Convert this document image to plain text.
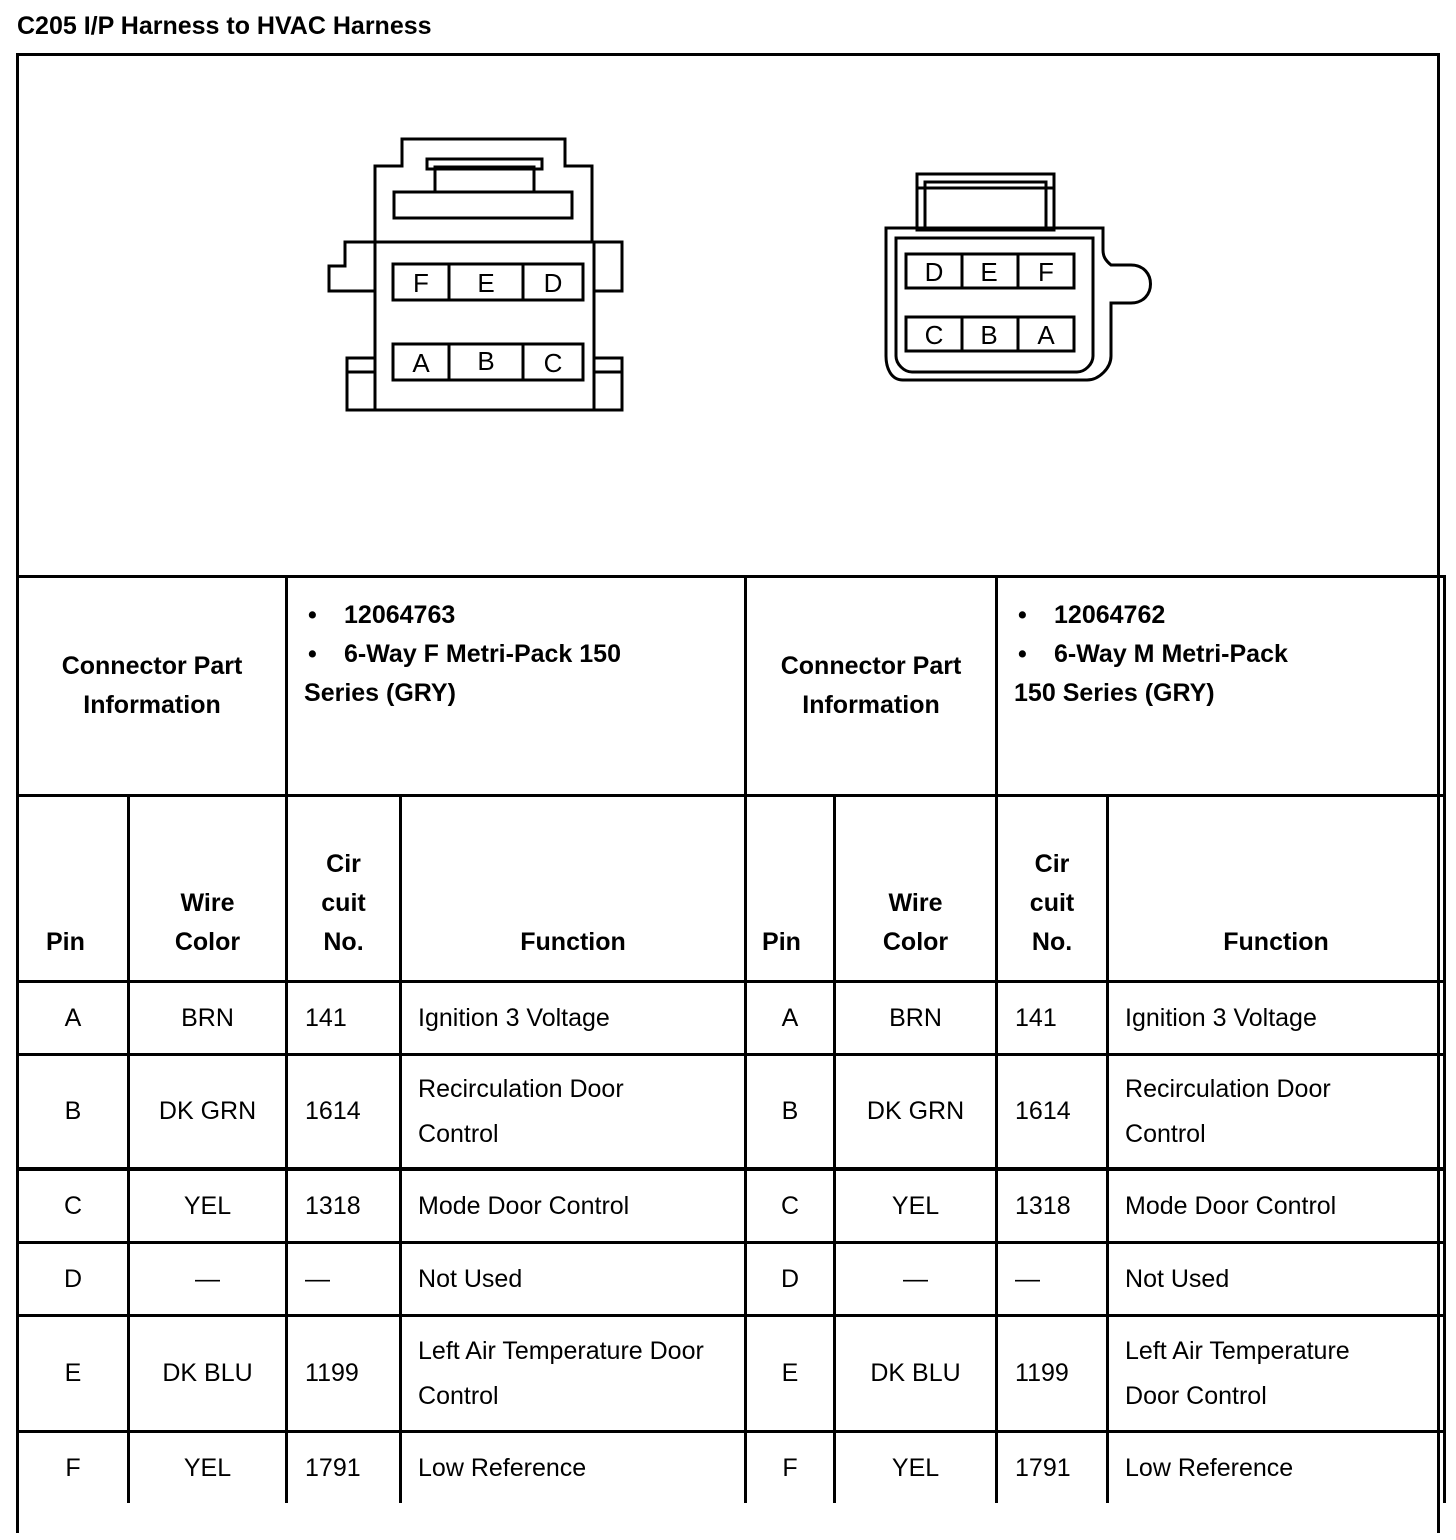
C205 I/P Harness to HVAC Harness
F E D
A B C
D E F
C B A
Connector Part Information		• 12064763
• 6-Way F Metri-Pack 150
Series (GRY)		Connector Part Information		• 12064762
• 6-Way M Metri-Pack
150 Series (GRY)	

Pin	Wire Color	Cir cuit No.	Function	Pin	Wire Color	Cir cuit No.	Function
A	BRN	141	Ignition 3 Voltage	A	BRN	141	Ignition 3 Voltage
B	DK GRN	1614	Recirculation Door Control	B	DK GRN	1614	Recirculation Door Control
C	YEL	1318	Mode Door Control	C	YEL	1318	Mode Door Control
D	—	—	Not Used	D	—	—	Not Used
E	DK BLU	1199	Left Air Temperature Door Control	E	DK BLU	1199	Left Air Temperature Door Control
F	YEL	1791	Low Reference	F	YEL	1791	Low Reference
